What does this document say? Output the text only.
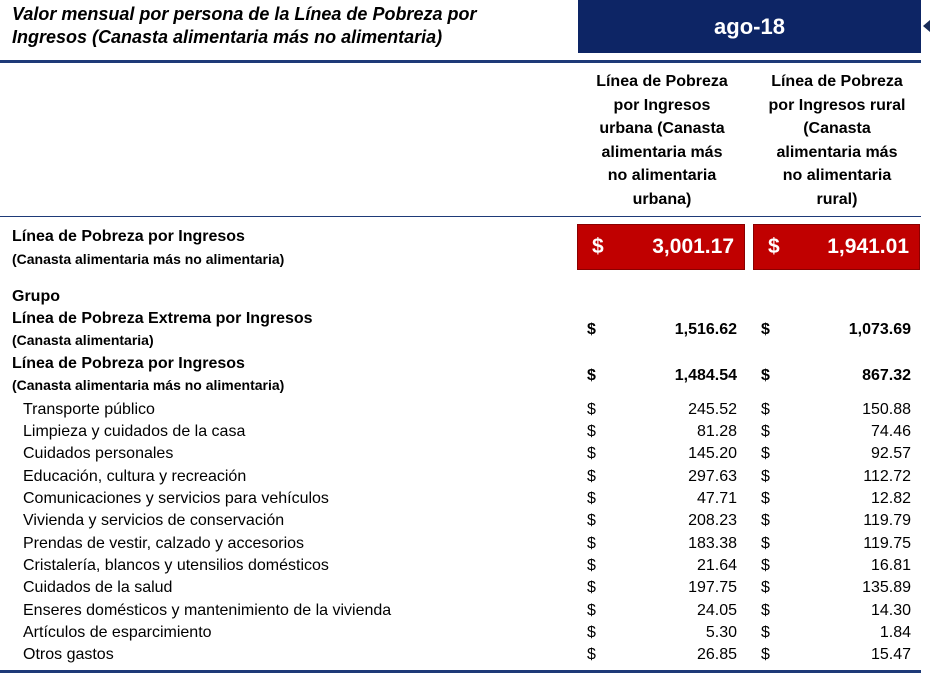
Valor mensual por persona de la Línea de Pobreza por
Ingresos (Canasta alimentaria más no alimentaria)	ago-18
Línea de Pobreza
por Ingresos
urbana (Canasta
alimentaria más
no alimentaria
urbana)
Línea de Pobreza
por Ingresos rural
(Canasta
alimentaria más
no alimentaria
rural)
Línea de Pobreza por Ingresos
(Canasta alimentaria más no alimentaria)
$ 3,001.17 $ 1,941.01
Grupo
Línea de Pobreza Extrema por Ingresos
(Canasta alimentaria)
$	1,516.62 $	1,073.69
Línea de Pobreza por Ingresos
(Canasta alimentaria más no alimentaria)
$	1,484.54 $	867.32
Transporte público	$	245.52 $	150.88
Limpieza y cuidados de la casa	$	81.28 $	74.46
Cuidados personales	$	145.20 $	92.57
Educación, cultura y recreación	$	297.63 $	112.72
Comunicaciones y servicios para vehículos	$	47.71 $	12.82
Vivienda y servicios de conservación	$	208.23 $	119.79
Prendas de vestir, calzado y accesorios	$	183.38 $	119.75
Cristalería, blancos y utensilios domésticos	$	21.64 $	16.81
Cuidados de la salud	$	197.75 $	135.89
Enseres domésticos y mantenimiento de la vivienda	$	24.05 $	14.30
Artículos de esparcimiento	$	5.30 $	1.84
Otros gastos	$	26.85 $	15.47
